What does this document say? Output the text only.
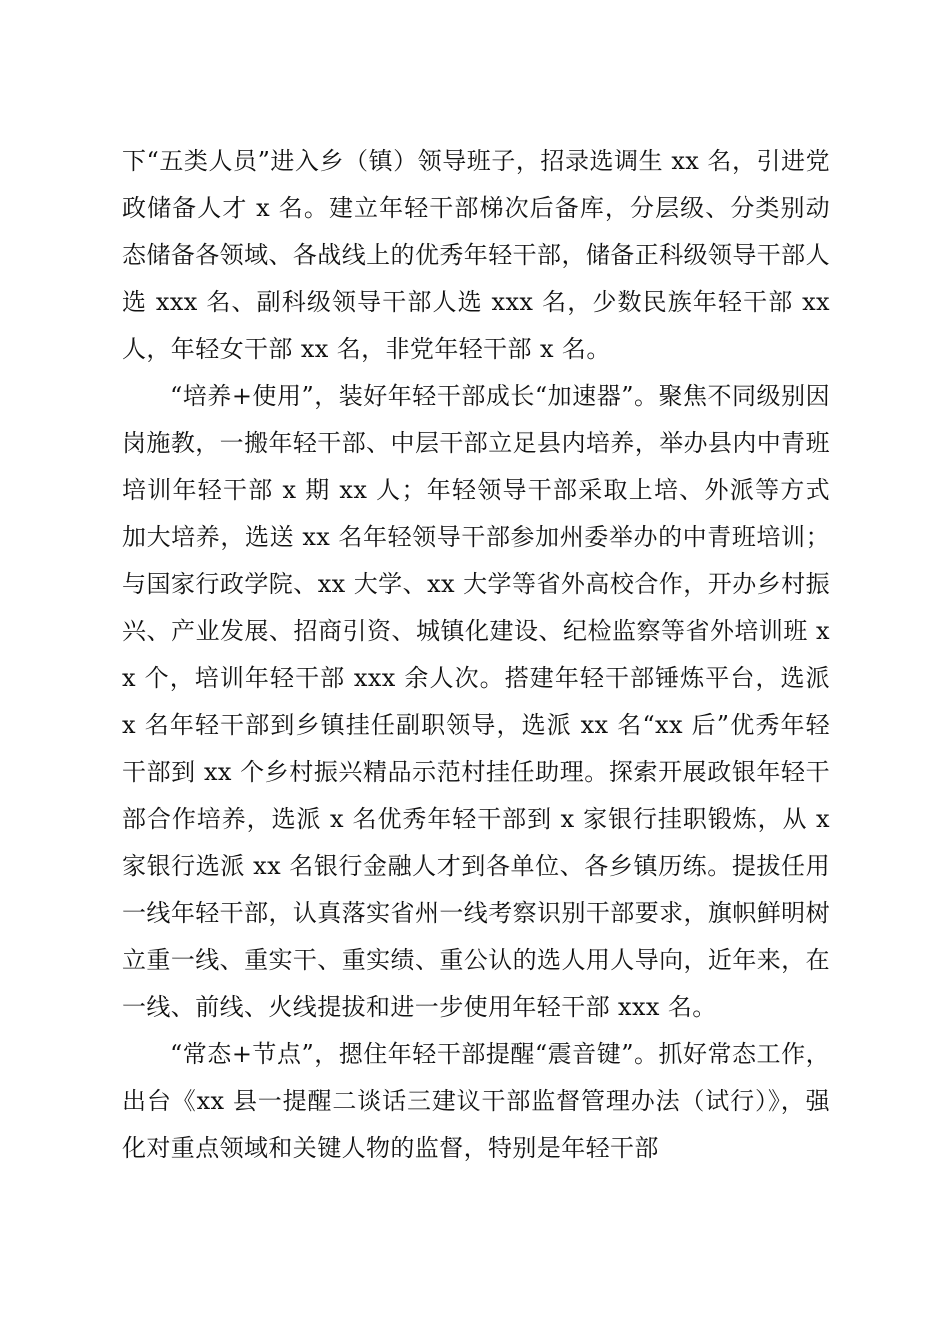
下“五类人员”进入乡（镇）领导班子，招录选调生 xx 名，引进党政储备人才 x 名。建立年轻干部梯次后备库，分层级、分类别动态储备各领域、各战线上的优秀年轻干部，储备正科级领导干部人选 xxx 名、副科级领导干部人选 xxx 名，少数民族年轻干部 xx 人，年轻女干部 xx 名，非党年轻干部 x 名。

“培养+使用”，装好年轻干部成长“加速器”。聚焦不同级别因岗施教，一搬年轻干部、中层干部立足县内培养，举办县内中青班培训年轻干部 x 期 xx 人；年轻领导干部采取上培、外派等方式加大培养，选送 xx 名年轻领导干部参加州委举办的中青班培训；与国家行政学院、xx 大学、xx 大学等省外高校合作，开办乡村振兴、产业发展、招商引资、城镇化建设、纪检监察等省外培训班 xx 个，培训年轻干部 xxx 余人次。搭建年轻干部锤炼平台，选派 x 名年轻干部到乡镇挂任副职领导，选派 xx 名“xx 后”优秀年轻干部到 xx 个乡村振兴精品示范村挂任助理。探索开展政银年轻干部合作培养，选派 x 名优秀年轻干部到 x 家银行挂职锻炼，从 x 家银行选派 xx 名银行金融人才到各单位、各乡镇历练。提拔任用一线年轻干部，认真落实省州一线考察识别干部要求，旗帜鲜明树立重一线、重实干、重实绩、重公认的选人用人导向，近年来，在一线、前线、火线提拔和进一步使用年轻干部 xxx 名。

“常态+节点”，摁住年轻干部提醒“震音键”。抓好常态工作，出台《xx 县一提醒二谈话三建议干部监督管理办法（试行）》，强化对重点领域和关键人物的监督，特别是年轻干部
